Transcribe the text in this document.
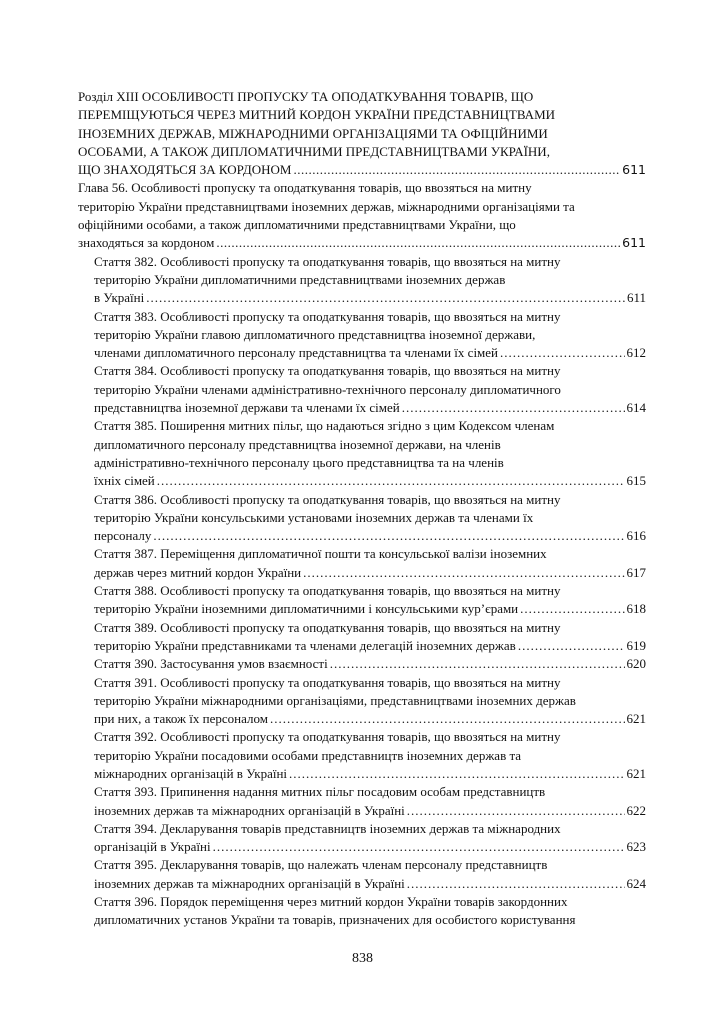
Розділ XIII ОСОБЛИВОСТІ ПРОПУСКУ ТА ОПОДАТКУВАННЯ ТОВАРІВ, ЩО
ПЕРЕМІЩУЮТЬСЯ ЧЕРЕЗ МИТНИЙ КОРДОН УКРАЇНИ ПРЕДСТАВНИЦТВАМИ
ІНОЗЕМНИХ ДЕРЖАВ, МІЖНАРОДНИМИ ОРГАНІЗАЦІЯМИ ТА ОФІЦІЙНИМИ
ОСОБАМИ, А ТАКОЖ ДИПЛОМАТИЧНИМИ ПРЕДСТАВНИЦТВАМИ УКРАЇНИ,
ЩО ЗНАХОДЯТЬСЯ ЗА КОРДОНОМ .....	611
Глава 56. Особливості пропуску та оподаткування товарів, що ввозяться на митну
територію України представництвами іноземних держав, міжнародними організаціями та
офіційними особами, а також дипломатичними представництвами України, що
знаходяться за кордоном .....	611
Стаття 382. Особливості пропуску та оподаткування товарів, що ввозяться на митну
територію України дипломатичними представництвами іноземних держав
в Україні .....	611
Стаття 383. Особливості пропуску та оподаткування товарів, що ввозяться на митну
територію України главою дипломатичного представництва іноземної держави,
членами дипломатичного персоналу представництва та членами їх сімей .....	612
Стаття 384. Особливості пропуску та оподаткування товарів, що ввозяться на митну
територію України членами адміністративно-технічного персоналу дипломатичного
представництва іноземної держави та членами їх сімей .....	614
Стаття 385. Поширення митних пільг, що надаються згідно з цим Кодексом членам
дипломатичного персоналу представництва іноземної держави, на членів
адміністративно-технічного персоналу цього представництва та на членів
їхніх сімей .....	615
Стаття 386. Особливості пропуску та оподаткування товарів, що ввозяться на митну
територію України консульськими установами іноземних держав та членами їх
персоналу .....	616
Стаття 387. Переміщення дипломатичної пошти та консульської валізи іноземних
держав через митний кордон України .....	617
Стаття 388. Особливості пропуску та оподаткування товарів, що ввозяться на митну
територію України іноземними дипломатичними і консульськими кур’єрами .....	618
Стаття 389. Особливості пропуску та оподаткування товарів, що ввозяться на митну
територію України представниками та членами делегацій іноземних держав .....	619
Стаття 390. Застосування умов взаємності .....	620
Стаття 391. Особливості пропуску та оподаткування товарів, що ввозяться на митну
територію України міжнародними організаціями, представництвами іноземних держав
при них, а також їх персоналом .....	621
Стаття 392. Особливості пропуску та оподаткування товарів, що ввозяться на митну
територію України посадовими особами представництв іноземних держав та
міжнародних організацій в Україні .....	621
Стаття 393. Припинення надання митних пільг посадовим особам представництв
іноземних держав та міжнародних організацій в Україні .....	622
Стаття 394. Декларування товарів представництв іноземних держав та міжнародних
організацій в Україні .....	623
Стаття 395. Декларування товарів, що належать членам персоналу представництв
іноземних держав та міжнародних організацій в Україні .....	624
Стаття 396. Порядок переміщення через митний кордон України товарів закордонних
дипломатичних установ України та товарів, призначених для особистого користування
838
